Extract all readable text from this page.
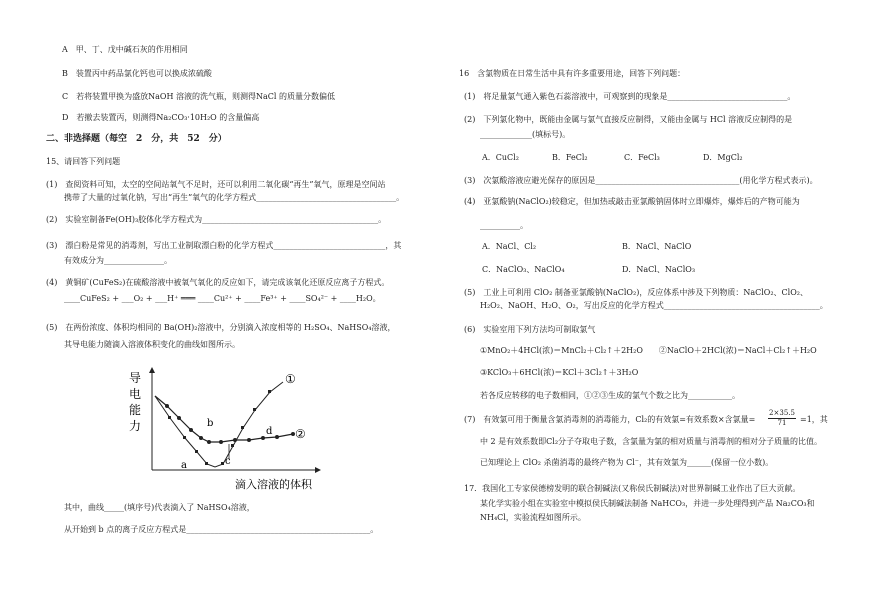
A　甲、丁、戊中碱石灰的作用相同
B　装置丙中药品氯化钙也可以换成浓硫酸
C　若将装置甲换为盛放NaOH 溶液的洗气瓶，则测得NaCl 的质量分数偏低
D　若撤去装置丙，则测得Na₂CO₃·10H₂O 的含量偏高
二、非选择题（每空　2　分，共　52　分）
15、请回答下列问题
(1)　查阅资料可知，太空的空间站氧气不足时，还可以利用二氧化碳“再生”氧气，原理是空间站
携带了大量的过氧化钠，写出“再生”氧气的化学方程式___________________________________。
(2)　实验室制备Fe(OH)₃胶体化学方程式为____________________________________________。
(3)　漂白粉是常见的消毒剂，写出工业制取漂白粉的化学方程式____________________________，其
有效成分为_______________。
(4)　黄铜矿(CuFeS₂)在硫酸溶液中被氧气氧化的反应如下，请完成该氧化还原反应离子方程式。
____CuFeS₂ + ___O₂ + ___H⁺ ═══ ____Cu²⁺ + ____Fe³⁺ + ____SO₄²⁻ + ____H₂O。
(5)　在两份浓度、体积均相同的 Ba(OH)₂溶液中，分别滴入浓度相等的 H₂SO₄、NaHSO₄溶液，
其导电能力随滴入溶液体积变化的曲线如图所示。
导
电
能
力
a
b
c
d
①
②
滴入溶液的体积
其中，曲线_____(填序号)代表滴入了 NaHSO₄溶液，
从开始到 b 点的离子反应方程式是______________________________________________。
16　含氯物质在日常生活中具有许多重要用途，回答下列问题：
(1)　将足量氯气通入紫色石蕊溶液中，可观察到的现象是______________________________。
(2)　下列氯化物中，既能由金属与氯气直接反应制得，又能由金属与 HCl 溶液反应制得的是
_____________(填标号)。
A．CuCl₂	B．FeCl₂	C．FeCl₃	D．MgCl₂
(3)　次氯酸溶液应避光保存的原因是____________________________________(用化学方程式表示)。
(4)　亚氯酸钠(NaClO₂)较稳定，但加热或敲击亚氯酸钠固体时立即爆炸，爆炸后的产物可能为
__________。
A．NaCl、Cl₂	B．NaCl、NaClO
C．NaClO₃、NaClO₄	D．NaCl、NaClO₃
(5)　工业上可利用 ClO₂ 制备亚氯酸钠(NaClO₂)，反应体系中涉及下列物质：NaClO₂、ClO₂、
H₂O₂、NaOH、H₂O、O₂，写出反应的化学方程式_______________________________________。
(6)　实验室用下列方法均可制取氯气
①MnO₂＋4HCl(浓)＝MnCl₂＋Cl₂↑＋2H₂O　　②NaClO＋2HCl(浓)＝NaCl＋Cl₂↑＋H₂O
③KClO₃＋6HCl(浓)＝KCl＋3Cl₂↑＋3H₂O
若各反应转移的电子数相同，①②③生成的氯气个数之比为___________。
(7)　有效氯可用于衡量含氯消毒剂的消毒能力，Cl₂的有效氯=有效系数×含氯量= $\frac{2\times 35.5}{71} =1$，其
中 2 是有效系数即Cl₂分子夺取电子数，含氯量为氯的相对质量与消毒剂的相对分子质量的比值。
已知理论上 ClO₂ 杀菌消毒的最终产物为 Cl⁻，其有效氯为______(保留一位小数)。
17．我国化工专家侯德榜发明的联合制碱法(又称侯氏制碱法)对世界制碱工业作出了巨大贡献。
某化学实验小组在实验室中模拟侯氏制碱法制备 NaHCO₃，并进一步处理得到产品 Na₂CO₃和
NH₄Cl，实验流程如图所示。
